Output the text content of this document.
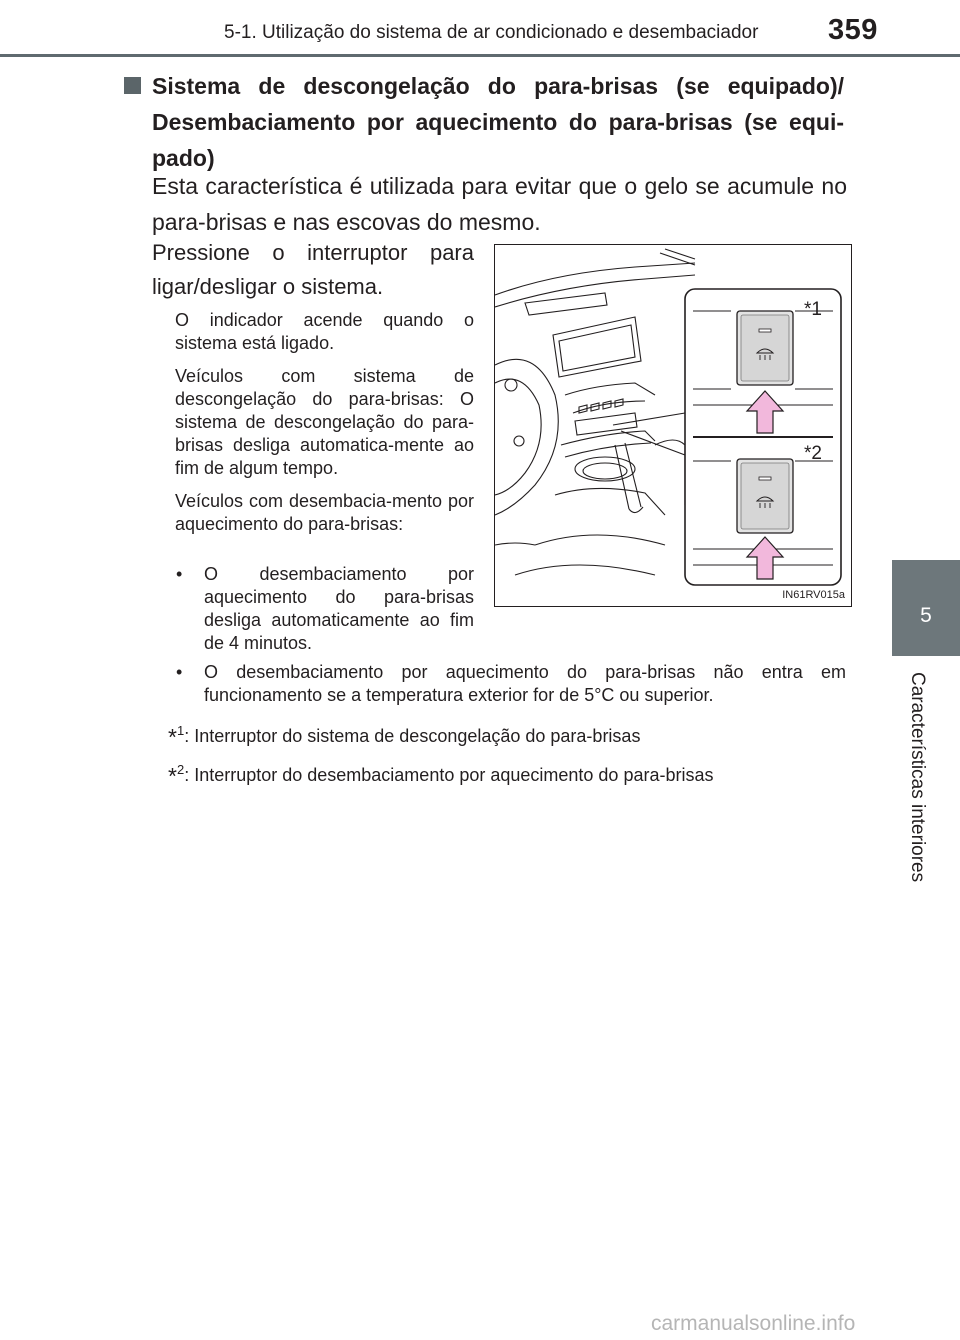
5-1. Utilização do sistema de ar condicionado e desembaciador 359
5
Características interiores
Sistema de descongelação do para-brisas (se equipado)/ Desembaciamento por aquecimento do para-brisas (se equi-pado)
Esta característica é utilizada para evitar que o gelo se acumule no para-brisas e nas escovas do mesmo.
Pressione o interruptor para ligar/desligar o sistema.
O indicador acende quando o sistema está ligado.
Veículos com sistema de descongelação do para-brisas: O sistema de descongelação do para-brisas desliga automatica-mente ao fim de algum tempo.
Veículos com desembacia-mento por aquecimento do para-brisas:
•	O desembaciamento por aquecimento do para-brisas desliga automaticamente ao fim de 4 minutos.
•	O desembaciamento por aquecimento do para-brisas não entra em funcionamento se a temperatura exterior for de 5°C ou superior.
*$^1$: Interruptor do sistema de descongelação do para-brisas
*$^2$: Interruptor do desembaciamento por aquecimento do para-brisas
*1
*2
IN61RV015a
carmanualsonline.info
